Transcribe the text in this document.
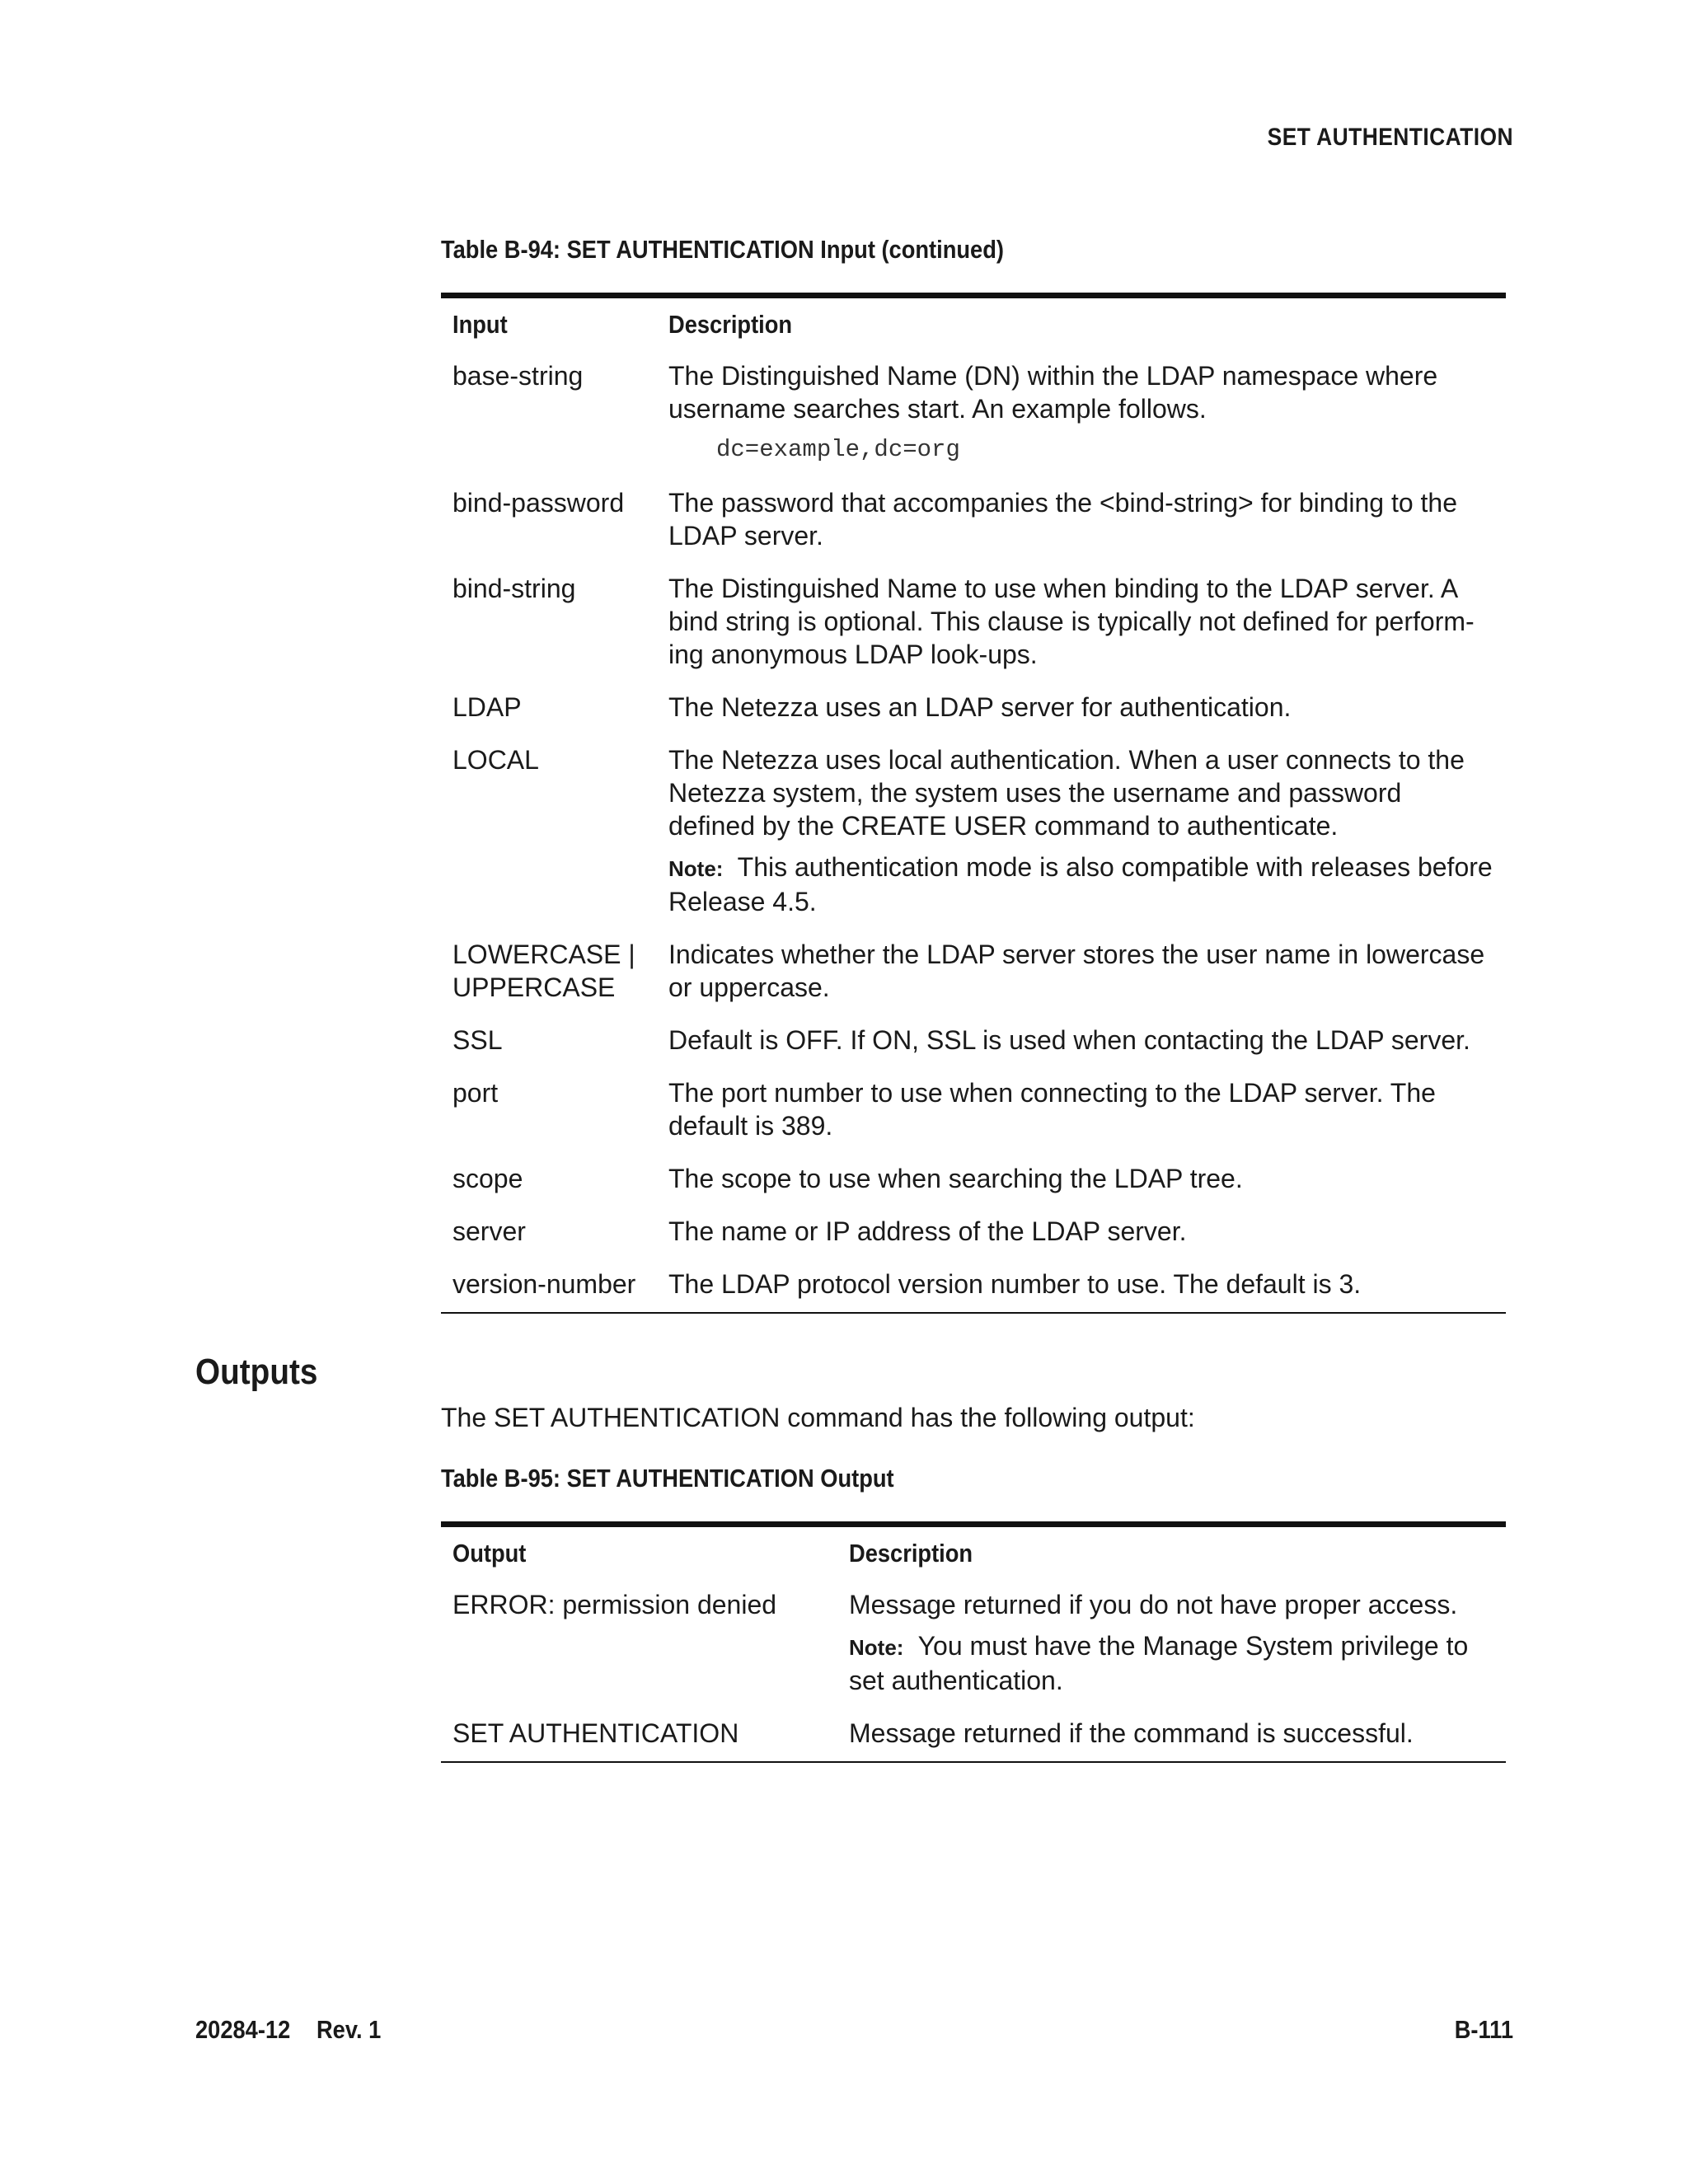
SET AUTHENTICATION
Table B-94: SET AUTHENTICATION Input (continued)
Input	Description
base-string	The Distinguished Name (DN) within the LDAP namespace where username searches start. An example follows.
dc=example,dc=org

bind-password	The password that accompanies the <bind-string> for binding to the LDAP server.
bind-string	The Distinguished Name to use when binding to the LDAP server. A bind string is optional. This clause is typically not defined for perform-ing anonymous LDAP look-ups.
LDAP	The Netezza uses an LDAP server for authentication.
LOCAL	The Netezza uses local authentication. When a user connects to the Netezza system, the system uses the username and password defined by the CREATE USER command to authenticate.
Note: This authentication mode is also compatible with releases before Release 4.5.

LOWERCASE | UPPERCASE	Indicates whether the LDAP server stores the user name in lowercase or uppercase.
SSL	Default is OFF. If ON, SSL is used when contacting the LDAP server.
port	The port number to use when connecting to the LDAP server. The default is 389.
scope	The scope to use when searching the LDAP tree.
server	The name or IP address of the LDAP server.
version-number	The LDAP protocol version number to use. The default is 3.
Outputs

The SET AUTHENTICATION command has the following output:

Table B-95: SET AUTHENTICATION Output
Output	Description
ERROR: permission denied	Message returned if you do not have proper access.
Note: You must have the Manage System privilege to set authentication.

SET AUTHENTICATION	Message returned if the command is successful.
20284-12 Rev. 1	B-111
